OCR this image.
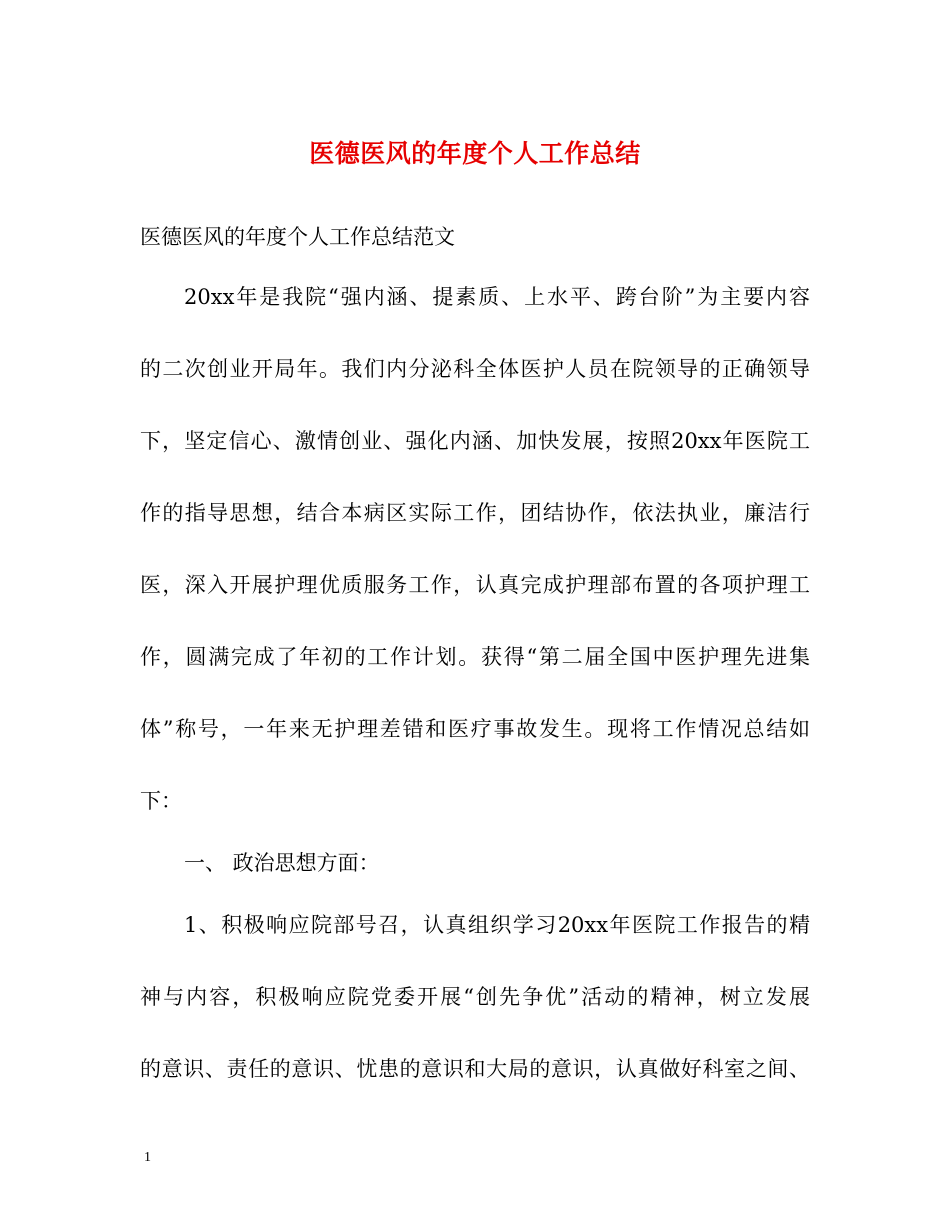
医德医风的年度个人工作总结
医德医风的年度个人工作总结范文
20xx年是我院“强内涵、提素质、上水平、跨台阶”为主要内容
的二次创业开局年。我们内分泌科全体医护人员在院领导的正确领导
下，坚定信心、激情创业、强化内涵、加快发展，按照20xx年医院工
作的指导思想，结合本病区实际工作，团结协作，依法执业，廉洁行
医，深入开展护理优质服务工作，认真完成护理部布置的各项护理工
作，圆满完成了年初的工作计划。获得“第二届全国中医护理先进集
体”称号，一年来无护理差错和医疗事故发生。现将工作情况总结如
下：
一、 政治思想方面：
1、积极响应院部号召，认真组织学习20xx年医院工作报告的精
神与内容，积极响应院党委开展“创先争优”活动的精神，树立发展
的意识、责任的意识、忧患的意识和大局的意识，认真做好科室之间、
1
